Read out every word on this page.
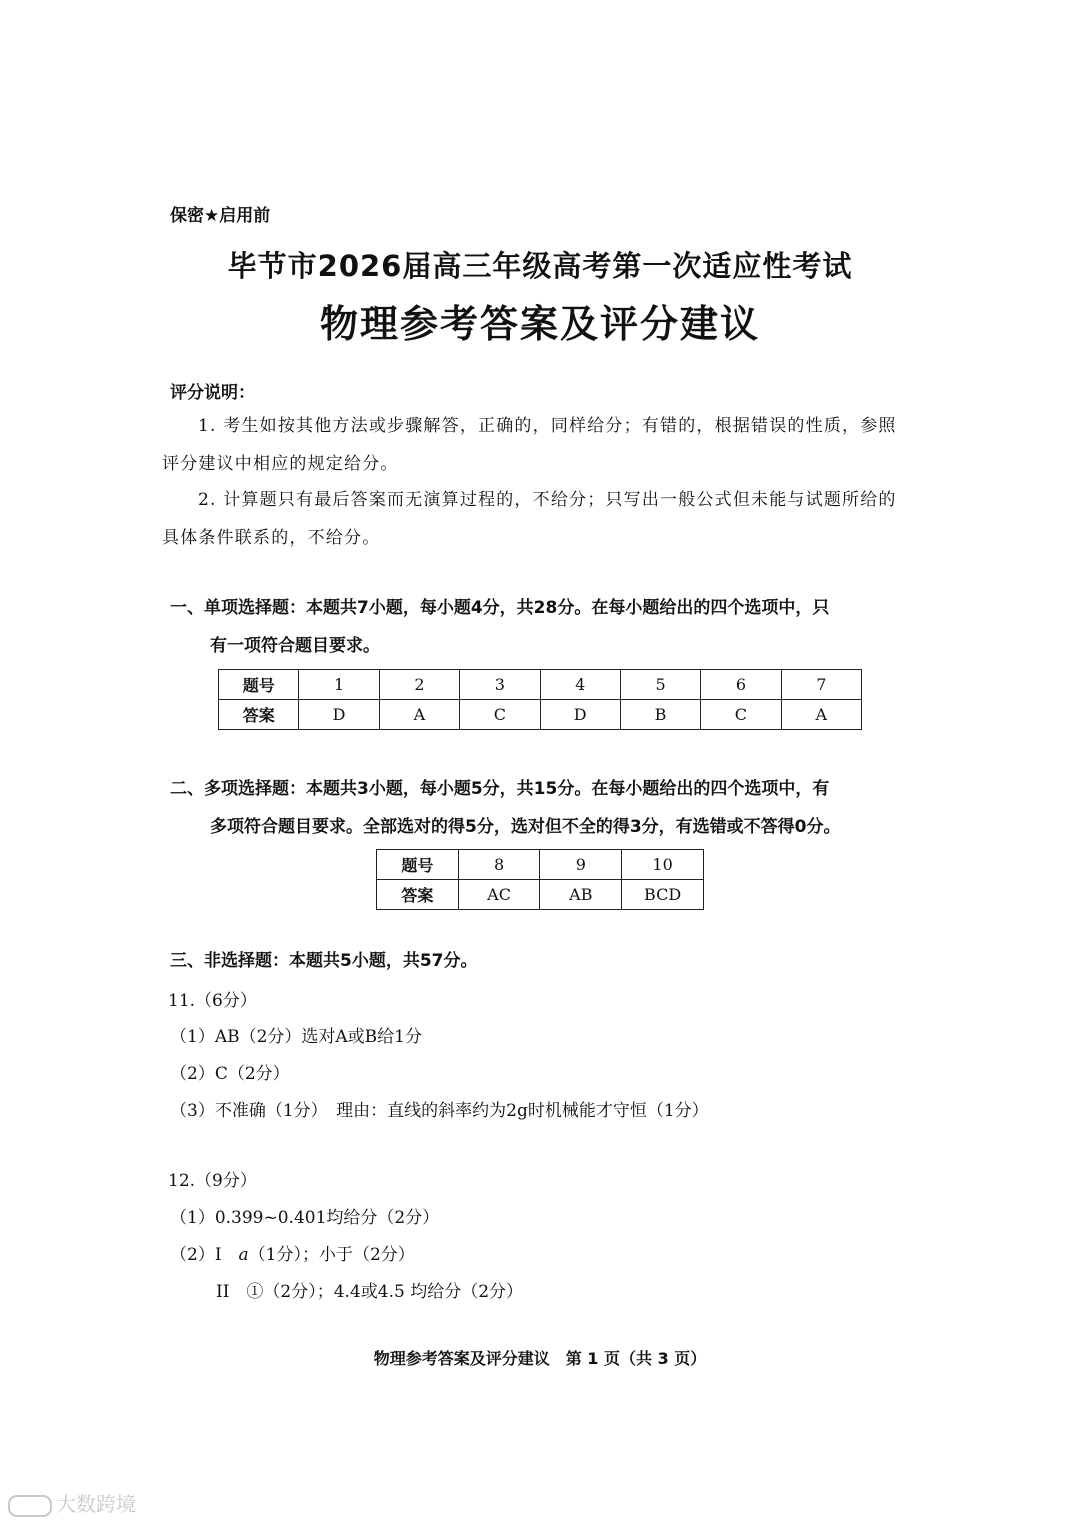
保密★启用前
毕节市2026届高三年级高考第一次适应性考试
物理参考答案及评分建议
评分说明：
1. 考生如按其他方法或步骤解答，正确的，同样给分；有错的，根据错误的性质，参照评分建议中相应的规定给分。
2. 计算题只有最后答案而无演算过程的，不给分；只写出一般公式但未能与试题所给的具体条件联系的，不给分。
一、单项选择题：本题共7小题，每小题4分，共28分。在每小题给出的四个选项中，只
有一项符合题目要求。
题号	1	2	3	4	5	6	7
答案	D	A	C	D	B	C	A
二、多项选择题：本题共3小题，每小题5分，共15分。在每小题给出的四个选项中，有
多项符合题目要求。全部选对的得5分，选对但不全的得3分，有选错或不答得0分。
题号	8	9	10
答案	AC	AB	BCD
三、非选择题：本题共5小题，共57分。
11.（6分）
（1）AB（2分）选对A或B给1分
（2）C（2分）
（3）不准确（1分）　理由：直线的斜率约为2g时机械能才守恒（1分）
12.（9分）
（1）0.399~0.401均给分（2分）
（2）I　a（1分）；小于（2分）
II　①（2分）；4.4或4.5 均给分（2分）
物理参考答案及评分建议　第 1 页（共 3 页）
大数跨境
